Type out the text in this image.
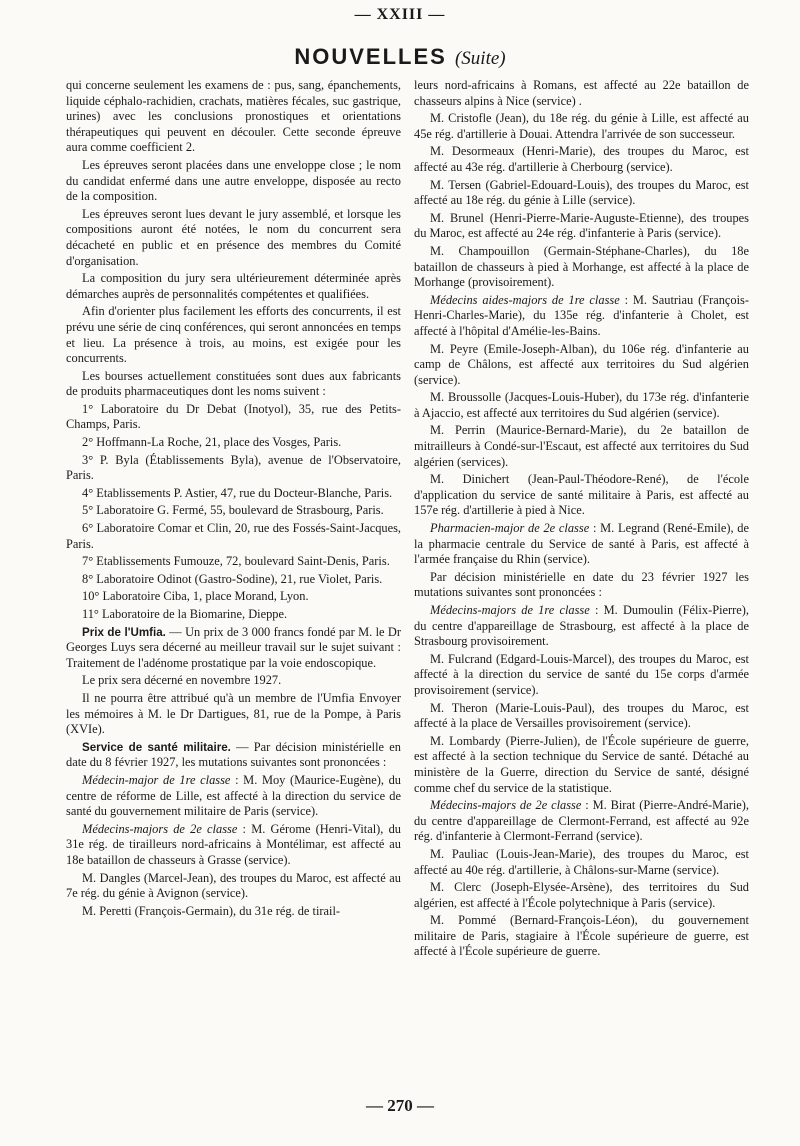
— XXIII —
NOUVELLES (Suite)

qui concerne seulement les examens de : pus, sang, épanchements, liquide céphalo-rachidien, crachats, matières fécales, suc gastrique, urines) avec les conclusions pronostiques et orientations thérapeutiques qui peuvent en découler. Cette seconde épreuve aura comme coefficient 2.

Les épreuves seront placées dans une enveloppe close ; le nom du candidat enfermé dans une autre enveloppe, disposée au recto de la composition.

Les épreuves seront lues devant le jury assemblé, et lorsque les compositions auront été notées, le nom du concurrent sera décacheté en public et en présence des membres du Comité d'organisation.

La composition du jury sera ultérieurement déterminée après démarches auprès de personnalités compétentes et qualifiées.

Afin d'orienter plus facilement les efforts des concurrents, il est prévu une série de cinq conférences, qui seront annoncées en temps et lieu. La présence à trois, au moins, est exigée pour les concurrents.

Les bourses actuellement constituées sont dues aux fabricants de produits pharmaceutiques dont les noms suivent :

1° Laboratoire du Dr Debat (Inotyol), 35, rue des Petits-Champs, Paris.

2° Hoffmann-La Roche, 21, place des Vosges, Paris.

3° P. Byla (Établissements Byla), avenue de l'Observatoire, Paris.

4° Etablissements P. Astier, 47, rue du Docteur-Blanche, Paris.

5° Laboratoire G. Fermé, 55, boulevard de Strasbourg, Paris.

6° Laboratoire Comar et Clin, 20, rue des Fossés-Saint-Jacques, Paris.

7° Etablissements Fumouze, 72, boulevard Saint-Denis, Paris.

8° Laboratoire Odinot (Gastro-Sodine), 21, rue Violet, Paris.

10° Laboratoire Ciba, 1, place Morand, Lyon.

11° Laboratoire de la Biomarine, Dieppe.

Prix de l'Umfia. — Un prix de 3 000 francs fondé par M. le Dr Georges Luys sera décerné au meilleur travail sur le sujet suivant : Traitement de l'adénome prostatique par la voie endoscopique.

Le prix sera décerné en novembre 1927.

Il ne pourra être attribué qu'à un membre de l'Umfia Envoyer les mémoires à M. le Dr Dartigues, 81, rue de la Pompe, à Paris (XVIe).

Service de santé militaire. — Par décision ministérielle en date du 8 février 1927, les mutations suivantes sont prononcées :

Médecin-major de 1re classe : M. Moy (Maurice-Eugène), du centre de réforme de Lille, est affecté à la direction du service de santé du gouvernement militaire de Paris (service).

Médecins-majors de 2e classe : M. Gérome (Henri-Vital), du 31e rég. de tirailleurs nord-africains à Montélimar, est affecté au 18e bataillon de chasseurs à Grasse (service).

M. Dangles (Marcel-Jean), des troupes du Maroc, est affecté au 7e rég. du génie à Avignon (service).

M. Peretti (François-Germain), du 31e rég. de tirail-

leurs nord-africains à Romans, est affecté au 22e bataillon de chasseurs alpins à Nice (service) .

M. Cristofle (Jean), du 18e rég. du génie à Lille, est affecté au 45e rég. d'artillerie à Douai. Attendra l'arrivée de son successeur.

M. Desormeaux (Henri-Marie), des troupes du Maroc, est affecté au 43e rég. d'artillerie à Cherbourg (service).

M. Tersen (Gabriel-Edouard-Louis), des troupes du Maroc, est affecté au 18e rég. du génie à Lille (service).

M. Brunel (Henri-Pierre-Marie-Auguste-Etienne), des troupes du Maroc, est affecté au 24e rég. d'infanterie à Paris (service).

M. Champouillon (Germain-Stéphane-Charles), du 18e bataillon de chasseurs à pied à Morhange, est affecté à la place de Morhange (provisoirement).

Médecins aides-majors de 1re classe : M. Sautriau (François-Henri-Charles-Marie), du 135e rég. d'infanterie à Cholet, est affecté à l'hôpital d'Amélie-les-Bains.

M. Peyre (Emile-Joseph-Alban), du 106e rég. d'infanterie au camp de Châlons, est affecté aux territoires du Sud algérien (service).

M. Broussolle (Jacques-Louis-Huber), du 173e rég. d'infanterie à Ajaccio, est affecté aux territoires du Sud algérien (service).

M. Perrin (Maurice-Bernard-Marie), du 2e bataillon de mitrailleurs à Condé-sur-l'Escaut, est affecté aux territoires du Sud algérien (services).

M. Dinichert (Jean-Paul-Théodore-René), de l'école d'application du service de santé militaire à Paris, est affecté au 157e rég. d'artillerie à pied à Nice.

Pharmacien-major de 2e classe : M. Legrand (René-Emile), de la pharmacie centrale du Service de santé à Paris, est affecté à l'armée française du Rhin (service).

Par décision ministérielle en date du 23 février 1927 les mutations suivantes sont prononcées :

Médecins-majors de 1re classe : M. Dumoulin (Félix-Pierre), du centre d'appareillage de Strasbourg, est affecté à la place de Strasbourg provisoirement.

M. Fulcrand (Edgard-Louis-Marcel), des troupes du Maroc, est affecté à la direction du service de santé du 15e corps d'armée provisoirement (service).

M. Theron (Marie-Louis-Paul), des troupes du Maroc, est affecté à la place de Versailles provisoirement (service).

M. Lombardy (Pierre-Julien), de l'École supérieure de guerre, est affecté à la section technique du Service de santé. Détaché au ministère de la Guerre, direction du Service de santé, désigné comme chef du service de la statistique.

Médecins-majors de 2e classe : M. Birat (Pierre-André-Marie), du centre d'appareillage de Clermont-Ferrand, est affecté au 92e rég. d'infanterie à Clermont-Ferrand (service).

M. Pauliac (Louis-Jean-Marie), des troupes du Maroc, est affecté au 40e rég. d'artillerie, à Châlons-sur-Marne (service).

M. Clerc (Joseph-Elysée-Arsène), des territoires du Sud algérien, est affecté à l'École polytechnique à Paris (service).

M. Pommé (Bernard-François-Léon), du gouvernement militaire de Paris, stagiaire à l'École supérieure de guerre, est affecté à l'École supérieure de guerre.

— 270 —
